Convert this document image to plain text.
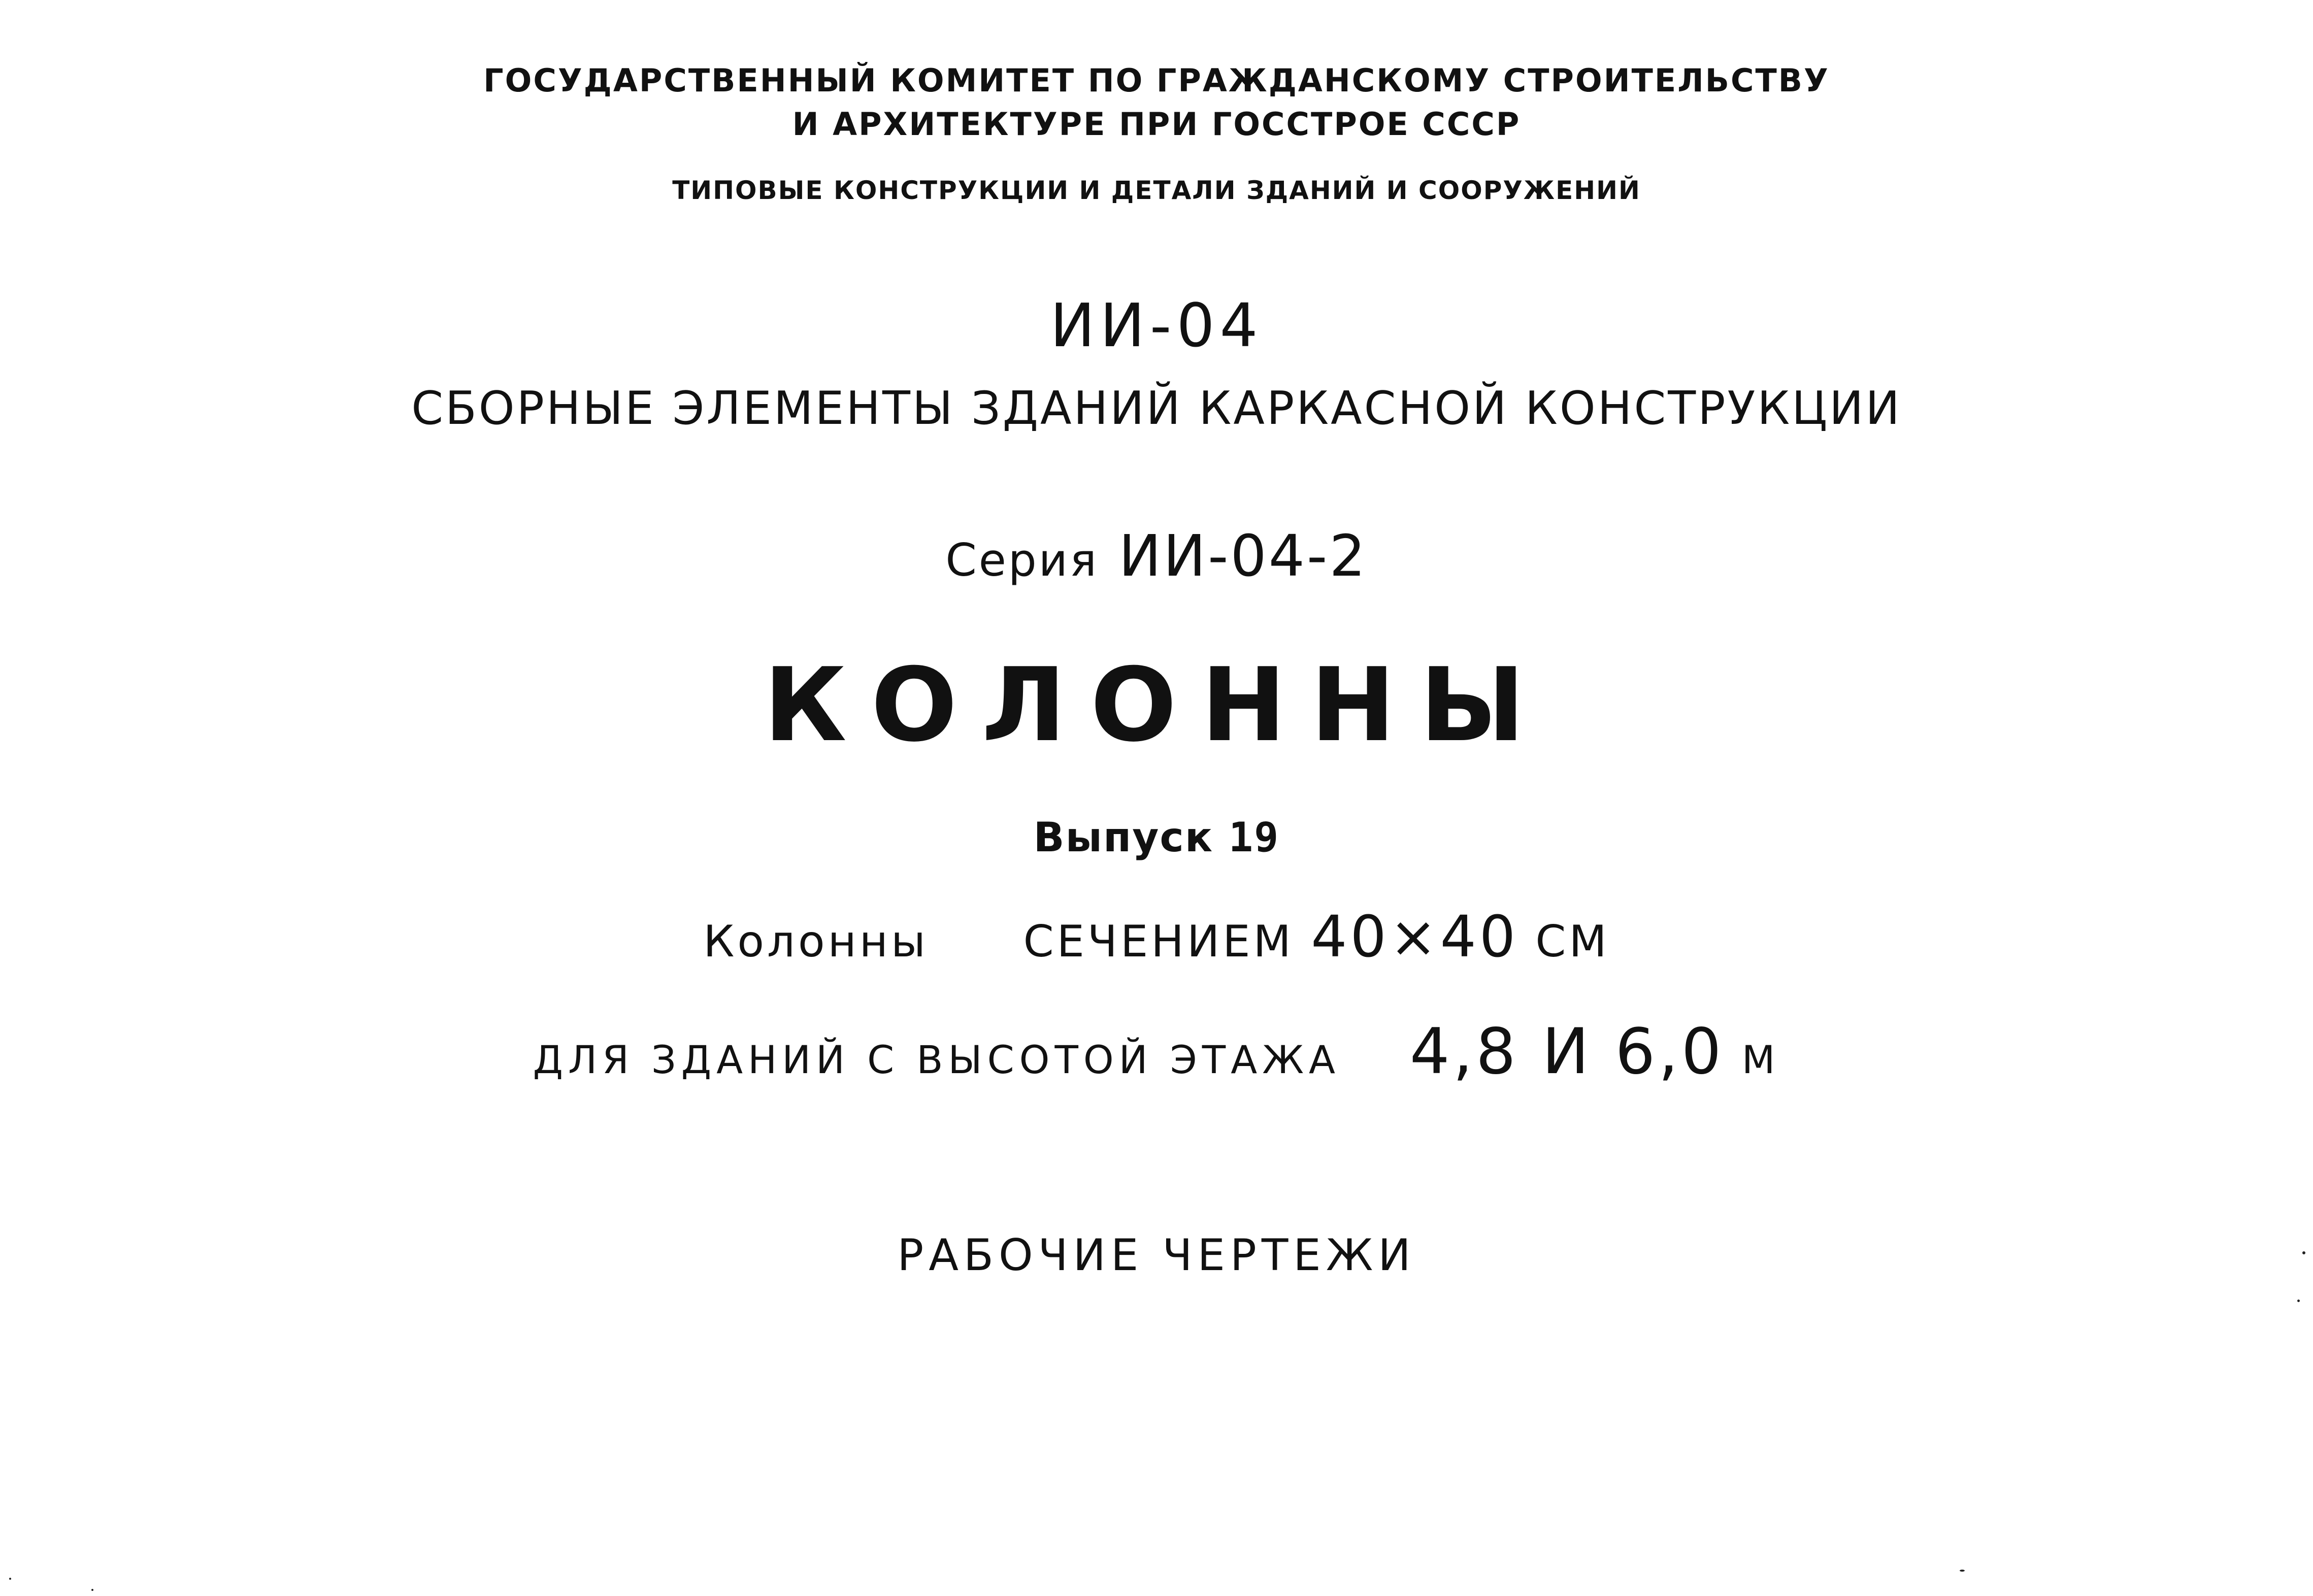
ГОСУДАРСТВЕННЫЙ КОМИТЕТ ПО ГРАЖДАНСКОМУ СТРОИТЕЛЬСТВУ
И АРХИТЕКТУРЕ ПРИ ГОССТРОЕ СССР
ТИПОВЫЕ КОНСТРУКЦИИ И ДЕТАЛИ ЗДАНИЙ И СООРУЖЕНИЙ
ИИ-04
СБОРНЫЕ ЭЛЕМЕНТЫ ЗДАНИЙ КАРКАСНОЙ КОНСТРУКЦИИ
Серия ИИ-04-2
КОЛОННЫ
Выпуск 19
Колонны СЕЧЕНИЕМ 40×40 СМ
ДЛЯ ЗДАНИЙ С ВЫСОТОЙ ЭТАЖА 4,8 И 6,0 М
РАБОЧИЕ ЧЕРТЕЖИ
